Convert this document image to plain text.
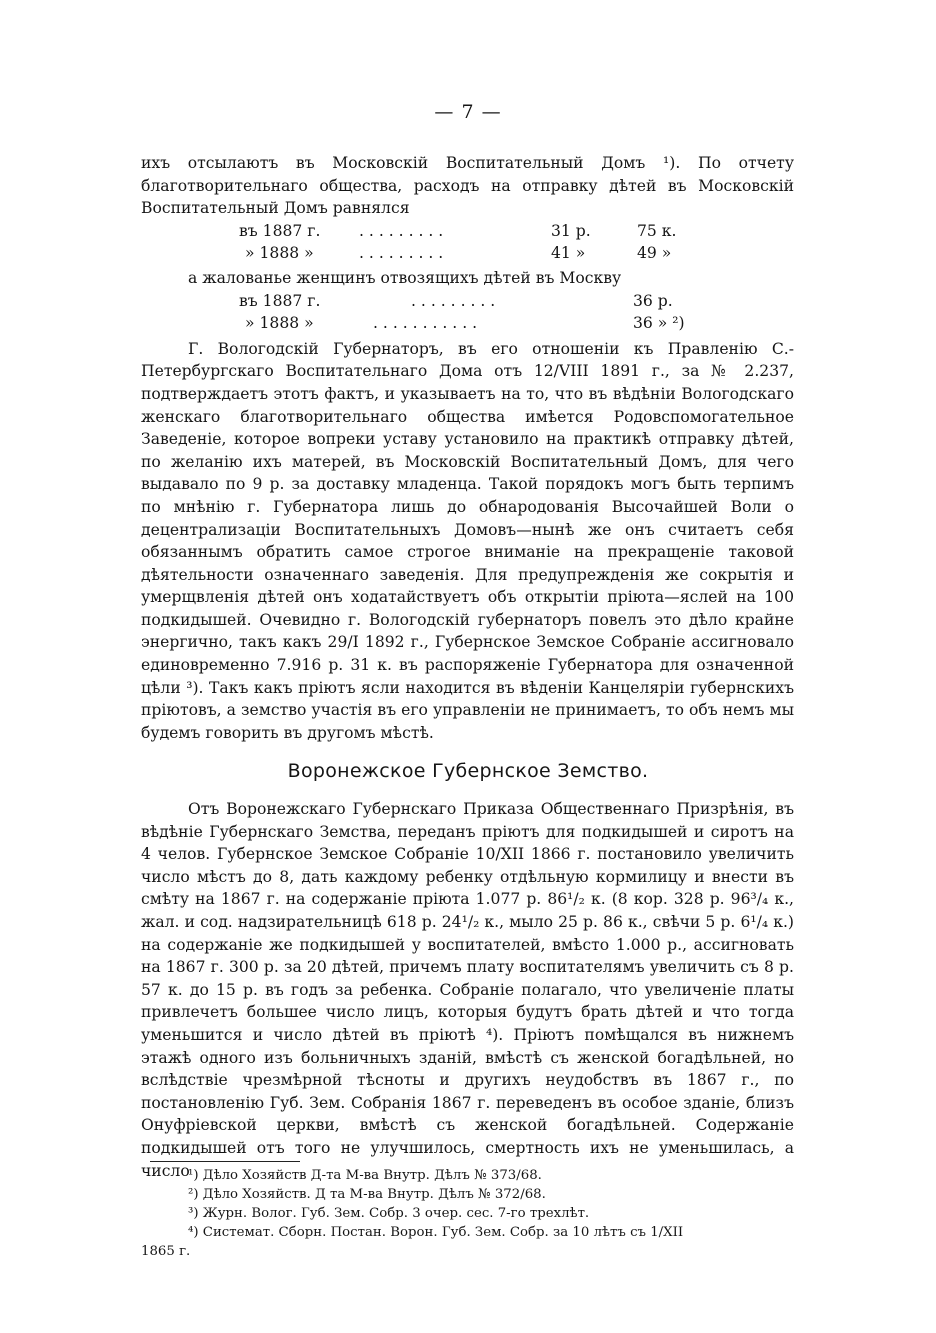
— 7 —

ихъ отсылаютъ въ Московскій Воспитательный Домъ ¹). По отчету благотворительнаго общества, расходъ на отправку дѣтей въ Московскій Воспитательный Домъ равнялся

въ 1887 г. . . . . . . . . .	31 р.	75 к.
» 1888 »	. . . . . . . . .	41 »	49 »
а жалованье женщинъ отвозящихъ дѣтей въ Москву
въ 1887 г.	. . . . . . . . .	36 р.
» 1888 »	. . . . . . . . . . .	36 » ²)

Г. Вологодскій Губернаторъ, въ его отношеніи къ Правленію С.-Петербургскаго Воспитательнаго Дома отъ 12/VIII 1891 г., за № 2.237, подтверждаетъ этотъ фактъ, и указываетъ на то, что въ вѣдѣніи Вологодскаго женскаго благотворительнаго общества имѣется Родовспомогательное Заведеніе, которое вопреки уставу установило на практикѣ отправку дѣтей, по желанію ихъ матерей, въ Московскій Воспитательный Домъ, для чего выдавало по 9 р. за доставку младенца. Такой порядокъ могъ быть терпимъ по мнѣнію г. Губернатора лишь до обнародованія Высочайшей Воли о децентрализаціи Воспитательныхъ Домовъ—нынѣ же онъ считаетъ себя обязаннымъ обратить самое строгое вниманіе на прекращеніе таковой дѣятельности означеннаго заведенія. Для предупрежденія же сокрытія и умерщвленія дѣтей онъ ходатайствуетъ объ открытіи пріюта—яслей на 100 подкидышей. Очевидно г. Вологодскій губернаторъ повелъ это дѣло крайне энергично, такъ какъ 29/I 1892 г., Губернское Земское Собраніе ассигновало единовременно 7.916 р. 31 к. въ распоряженіе Губернатора для означенной цѣли ³). Такъ какъ пріютъ ясли находится въ вѣденіи Канцеляріи губернскихъ пріютовъ, а земство участія въ его управленіи не принимаетъ, то объ немъ мы будемъ говорить въ другомъ мѣстѣ.

Воронежское Губернское Земство.

Отъ Воронежскаго Губернскаго Приказа Общественнаго Призрѣнія, въ вѣдѣніе Губернскаго Земства, переданъ пріютъ для подкидышей и сиротъ на 4 челов. Губернское Земское Собраніе 10/XII 1866 г. постановило увеличить число мѣстъ до 8, дать каждому ребенку отдѣльную кормилицу и внести въ смѣту на 1867 г. на содержаніе пріюта 1.077 р. 86¹/₂ к. (8 кор. 328 р. 96³/₄ к., жал. и сод. надзирательницѣ 618 р. 24¹/₂ к., мыло 25 р. 86 к., свѣчи 5 р. 6¹/₄ к.) на содержаніе же подкидышей у воспитателей, вмѣсто 1.000 р., ассигновать на 1867 г. 300 р. за 20 дѣтей, причемъ плату воспитателямъ увеличить съ 8 р. 57 к. до 15 р. въ годъ за ребенка. Собраніе полагало, что увеличеніе платы привлечетъ большее число лицъ, которыя будутъ брать дѣтей и что тогда уменьшится и число дѣтей въ пріютѣ ⁴). Пріютъ помѣщался въ нижнемъ этажѣ одного изъ больничныхъ зданій, вмѣстѣ съ женской богадѣльней, но вслѣдствіе чрезмѣрной тѣсноты и другихъ неудобствъ въ 1867 г., по постановленію Губ. Зем. Собранія 1867 г. переведенъ въ особое зданіе, близъ Онуфріевской церкви, вмѣстѣ съ женской богадѣльней. Содержаніе подкидышей отъ того не улучшилось, смертность ихъ не уменьшилась, а число

¹) Дѣло Хозяйств Д-та М-ва Внутр. Дѣлъ № 373/68.

²) Дѣло Хозяйств. Д та М-ва Внутр. Дѣлъ № 372/68.

³) Журн. Волог. Губ. Зем. Собр. 3 очер. сес. 7-го трехлѣт.

⁴) Системат. Сборн. Постан. Ворон. Губ. Зем. Собр. за 10 лѣтъ съ 1/XII

1865 г.
